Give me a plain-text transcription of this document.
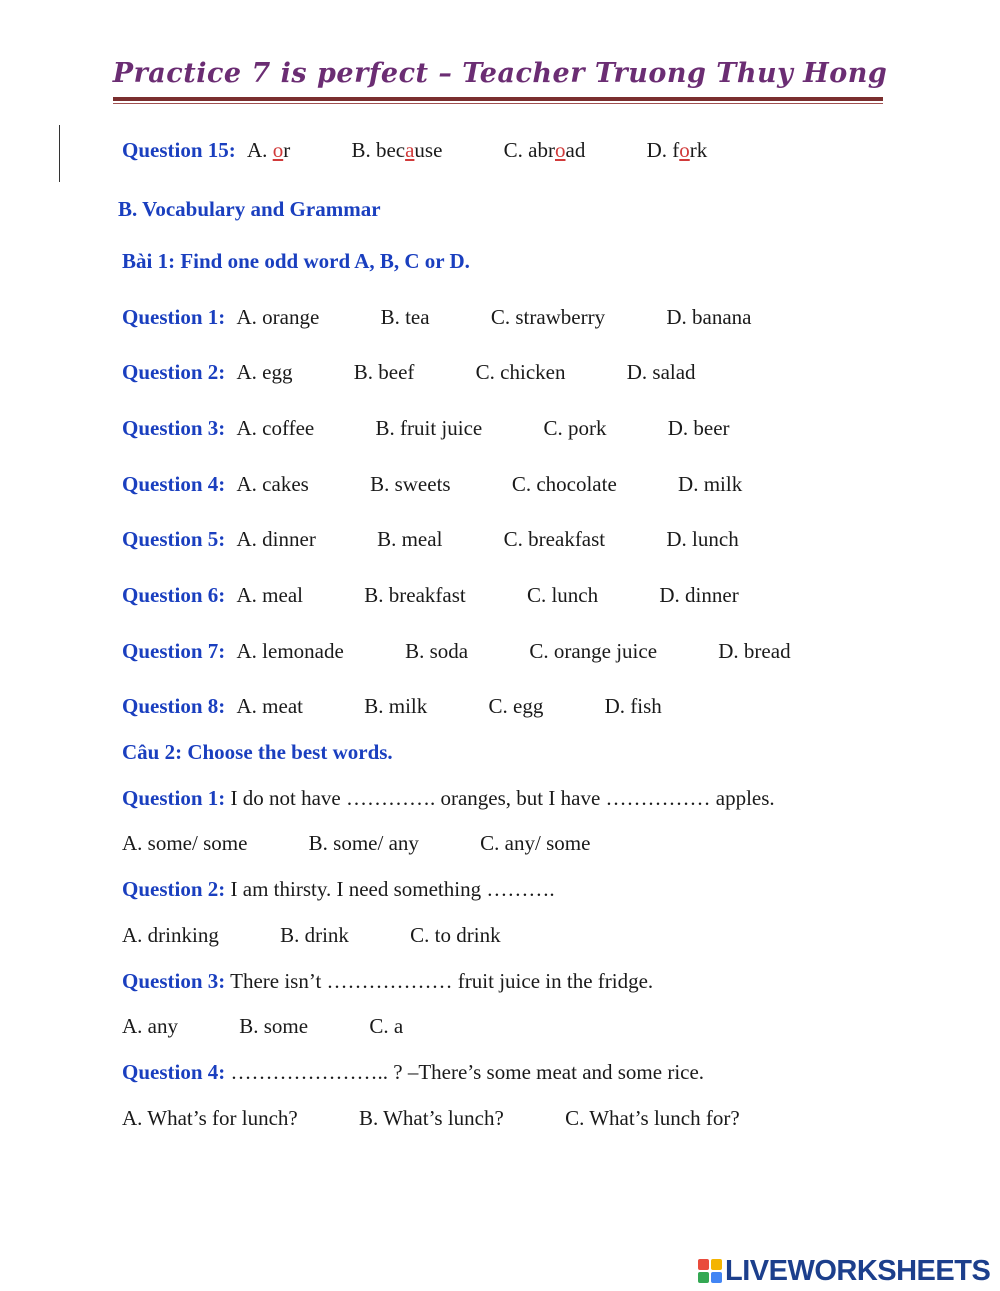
Practice 7 is perfect – Teacher Truong Thuy Hong
Question 15: A. or	B. because	C. abroad	D. fork
B. Vocabulary and Grammar
Bài 1: Find one odd word A, B, C or D.
Question 1: A. orange	B. tea	C. strawberry	D. banana
Question 2: A. egg	B. beef	C. chicken	D. salad
Question 3: A. coffee	B. fruit juice	C. pork	D. beer
Question 4: A. cakes	B. sweets	C. chocolate	D. milk
Question 5: A. dinner	B. meal	C. breakfast	D. lunch
Question 6: A. meal	B. breakfast	C. lunch	D. dinner
Question 7: A. lemonade	B. soda	C. orange juice	D. bread
Question 8: A. meat	B. milk	C. egg	D. fish
Câu 2: Choose the best words.
Question 1: I do not have …………. oranges, but I have …………… apples.
A. some/ some	B. some/ any	C. any/ some
Question 2: I am thirsty. I need something ……….
A. drinking	B. drink	C. to drink
Question 3: There isn’t ……………… fruit juice in the fridge.
A. any	B. some	C. a
Question 4: ………………….. ? –There’s some meat and some rice.
A. What’s for lunch?	B. What’s lunch?	C. What’s lunch for?
LIVEWORKSHEETS
